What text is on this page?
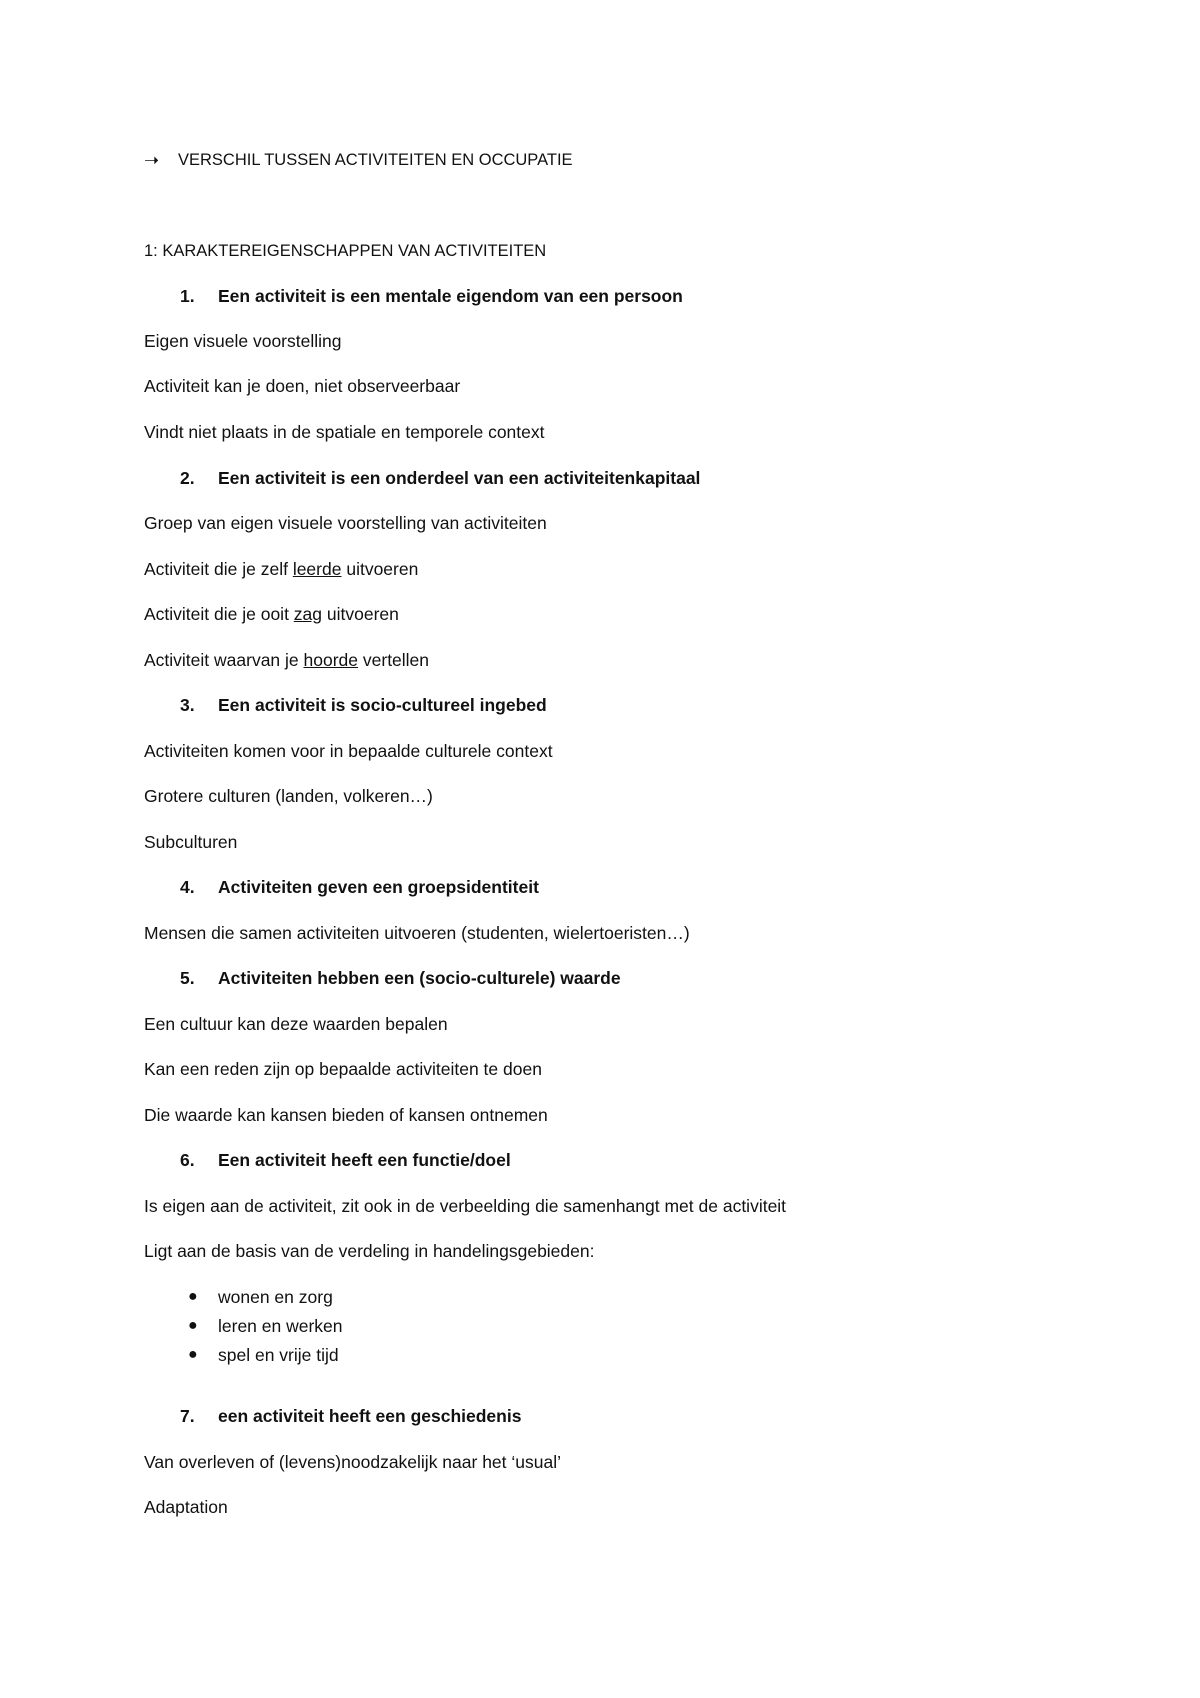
➝ VERSCHIL TUSSEN ACTIVITEITEN EN OCCUPATIE
1: KARAKTEREIGENSCHAPPEN VAN ACTIVITEITEN
1.	Een activiteit is een mentale eigendom van een persoon
Eigen visuele voorstelling
Activiteit kan je doen, niet observeerbaar
Vindt niet plaats in de spatiale en temporele context
2.	Een activiteit is een onderdeel van een activiteitenkapitaal
Groep van eigen visuele voorstelling van activiteiten
Activiteit die je zelf leerde uitvoeren
Activiteit die je ooit zag uitvoeren
Activiteit waarvan je hoorde vertellen
3.	Een activiteit is socio-cultureel ingebed
Activiteiten komen voor in bepaalde culturele context
Grotere culturen (landen, volkeren…)
Subculturen
4.	Activiteiten geven een groepsidentiteit
Mensen die samen activiteiten uitvoeren (studenten, wielertoeristen…)
5.	Activiteiten hebben een (socio-culturele) waarde
Een cultuur kan deze waarden bepalen
Kan een reden zijn op bepaalde activiteiten te doen
Die waarde kan kansen bieden of kansen ontnemen
6.	Een activiteit heeft een functie/doel
Is eigen aan de activiteit, zit ook in de verbeelding die samenhangt met de activiteit
Ligt aan de basis van de verdeling in handelingsgebieden:
● wonen en zorg
● leren en werken
● spel en vrije tijd
7.	een activiteit heeft een geschiedenis
Van overleven of (levens)noodzakelijk naar het ‘usual’
Adaptation
